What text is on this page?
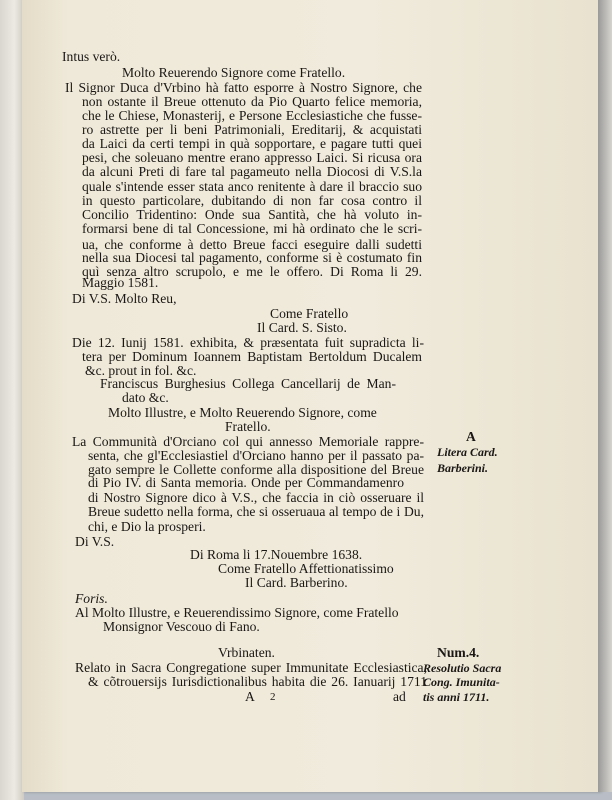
Intus verò.
Molto Reuerendo Signore come Fratello.
Il Signor Duca d'Vrbino hà fatto esporre à Nostro Signore, che
non ostante il Breue ottenuto da Pio Quarto felice memoria,
che le Chiese, Monasterij, e Persone Ecclesiastiche che fusse-
ro astrette per li beni Patrimoniali, Ereditarij, & acquistati
da Laici da certi tempi in quà sopportare, e pagare tutti quei
pesi, che soleuano mentre erano appresso Laici. Si ricusa ora
da alcuni Preti di fare tal pagameuto nella Diocosi di V.S.la
quale s'intende esser stata anco renitente à dare il braccio suo
in questo particolare, dubitando di non far cosa contro il
Concilio Tridentino: Onde sua Santità, che hà voluto in-
formarsi bene di tal Concessione, mi hà ordinato che le scri-
ua, che conforme à detto Breue facci eseguire dalli sudetti
nella sua Diocesi tal pagamento, conforme si è costumato fin
quì senza altro scrupolo, e me le offero. Di Roma li 29.
Maggio 1581.
Di V.S. Molto Reu,
Come Fratello
Il Card. S. Sisto.
Die 12. Iunij 1581. exhibita, & præsentata fuit supradicta li-
tera per Dominum Ioannem Baptistam Bertoldum Ducalem
&c. prout in fol. &c.
Franciscus Burghesius Collega Cancellarij de Man-
dato &c.
Molto Illustre, e Molto Reuerendo Signore, come
Fratello.
La Communità d'Orciano col qui annesso Memoriale rappre-
senta, che gl'Ecclesiastiel d'Orciano hanno per il passato pa-
gato sempre le Collette conforme alla dispositione del Breue
di Pio IV. di Santa memoria. Onde per Commandamenro
di Nostro Signore dico à V.S., che faccia in ciò osseruare il
Breue sudetto nella forma, che si osseruaua al tempo de i Du,
chi, e Dio la prosperi.
Di V.S.
Di Roma li 17.Nouembre 1638.
Come Fratello Affettionatissimo
Il Card. Barberino.
Foris.
Al Molto Illustre, e Reuerendissimo Signore, come Fratello
Monsignor Vescouo di Fano.
A
Litera Card.
Barberini.
Vrbinaten.
Relato in Sacra Congregatione super Immunitate Ecclesiastica,
& cõtrouersijs Iurisdictionalibus habita die 26. Ianuarij 1711
A 2	ad
Num.4.
Resolutio Sacra
Cong. Imunita-
tis anni 1711.
